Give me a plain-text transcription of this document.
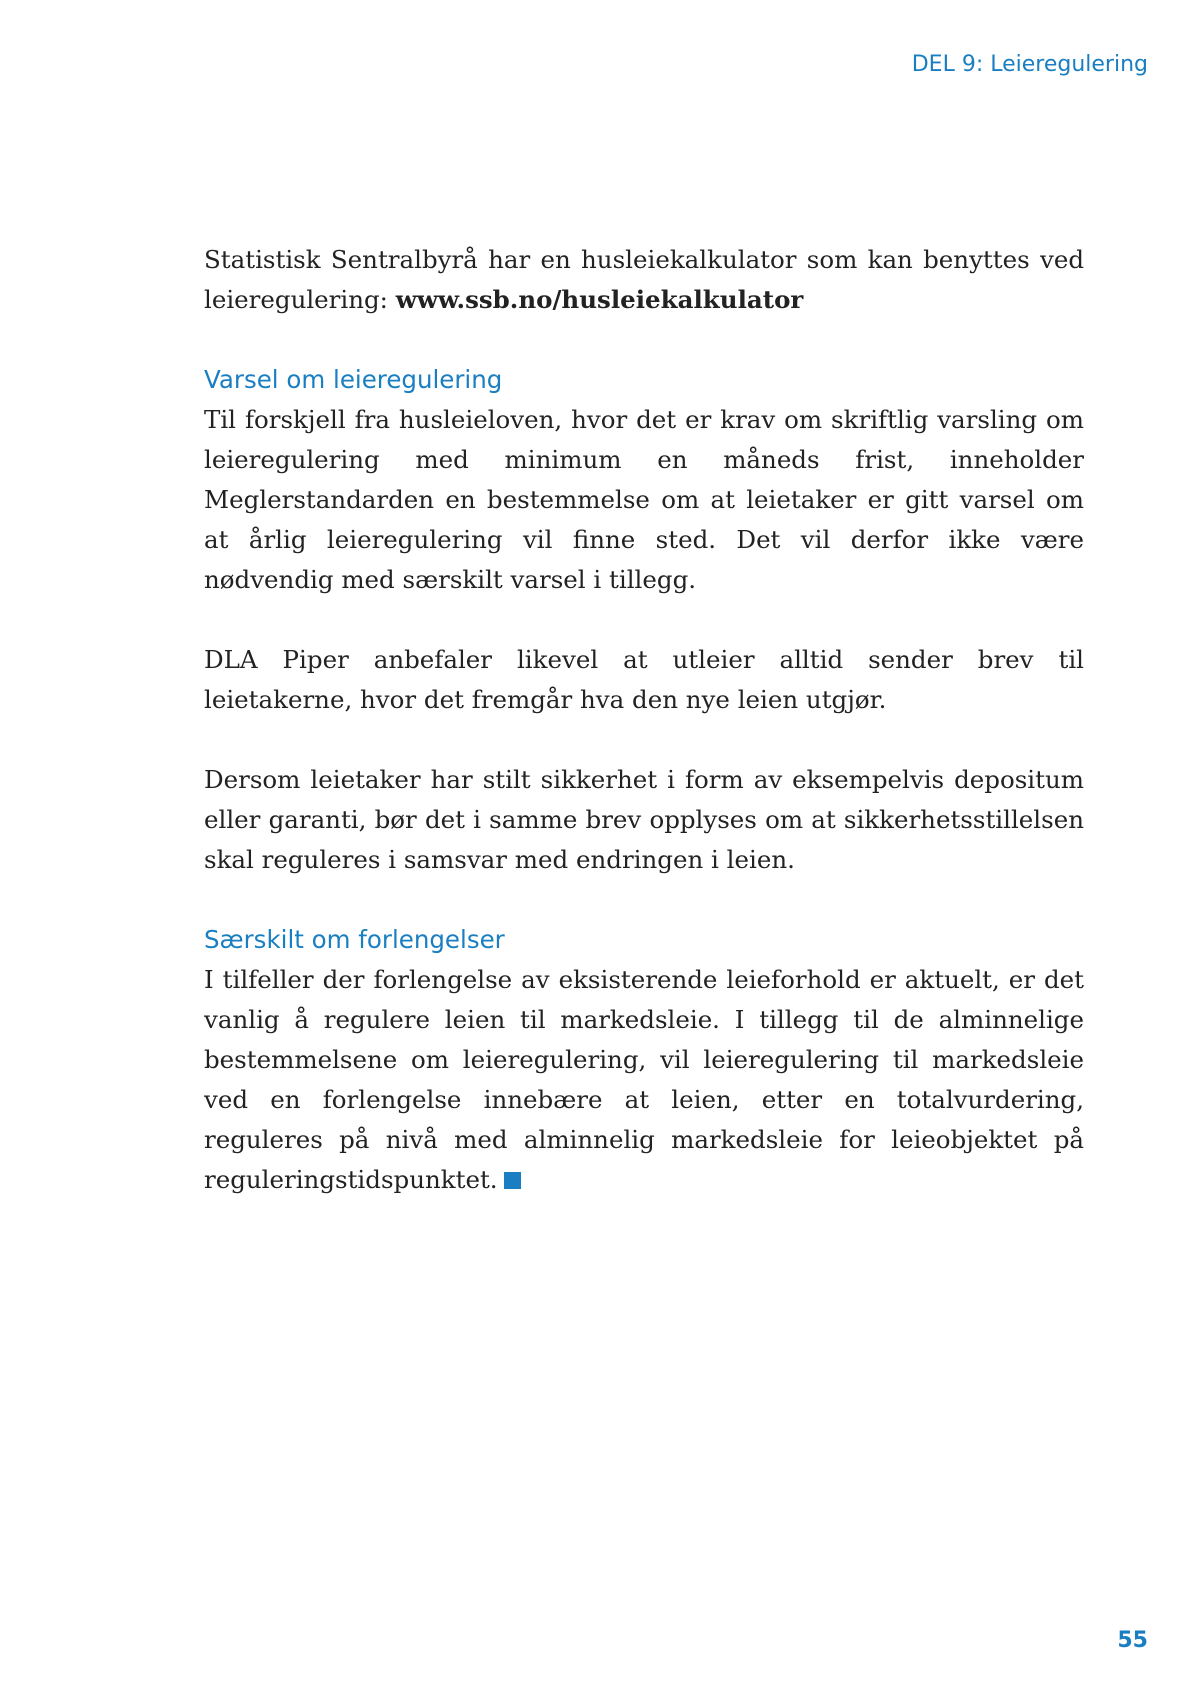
DEL 9: Leieregulering

Statistisk Sentralbyrå har en husleiekalkulator som kan benyttes ved leieregulering: www.ssb.no/husleiekalkulator

Varsel om leieregulering

Til forskjell fra husleieloven, hvor det er krav om skriftlig varsling om leieregulering med minimum en måneds frist, inneholder Meglerstandarden en bestemmelse om at leietaker er gitt varsel om at årlig leieregulering vil finne sted. Det vil derfor ikke være nødvendig med særskilt varsel i tillegg.

DLA Piper anbefaler likevel at utleier alltid sender brev til leietakerne, hvor det fremgår hva den nye leien utgjør.

Dersom leietaker har stilt sikkerhet i form av eksempelvis depositum eller garanti, bør det i samme brev opplyses om at sikkerhetsstillelsen skal reguleres i samsvar med endringen i leien.

Særskilt om forlengelser

I tilfeller der forlengelse av eksisterende leieforhold er aktuelt, er det vanlig å regulere leien til markedsleie. I tillegg til de alminnelige bestemmelsene om leieregulering, vil leieregulering til markedsleie ved en forlengelse innebære at leien, etter en totalvurdering, reguleres på nivå med alminnelig markedsleie for leieobjektet på reguleringstidspunktet.

55
